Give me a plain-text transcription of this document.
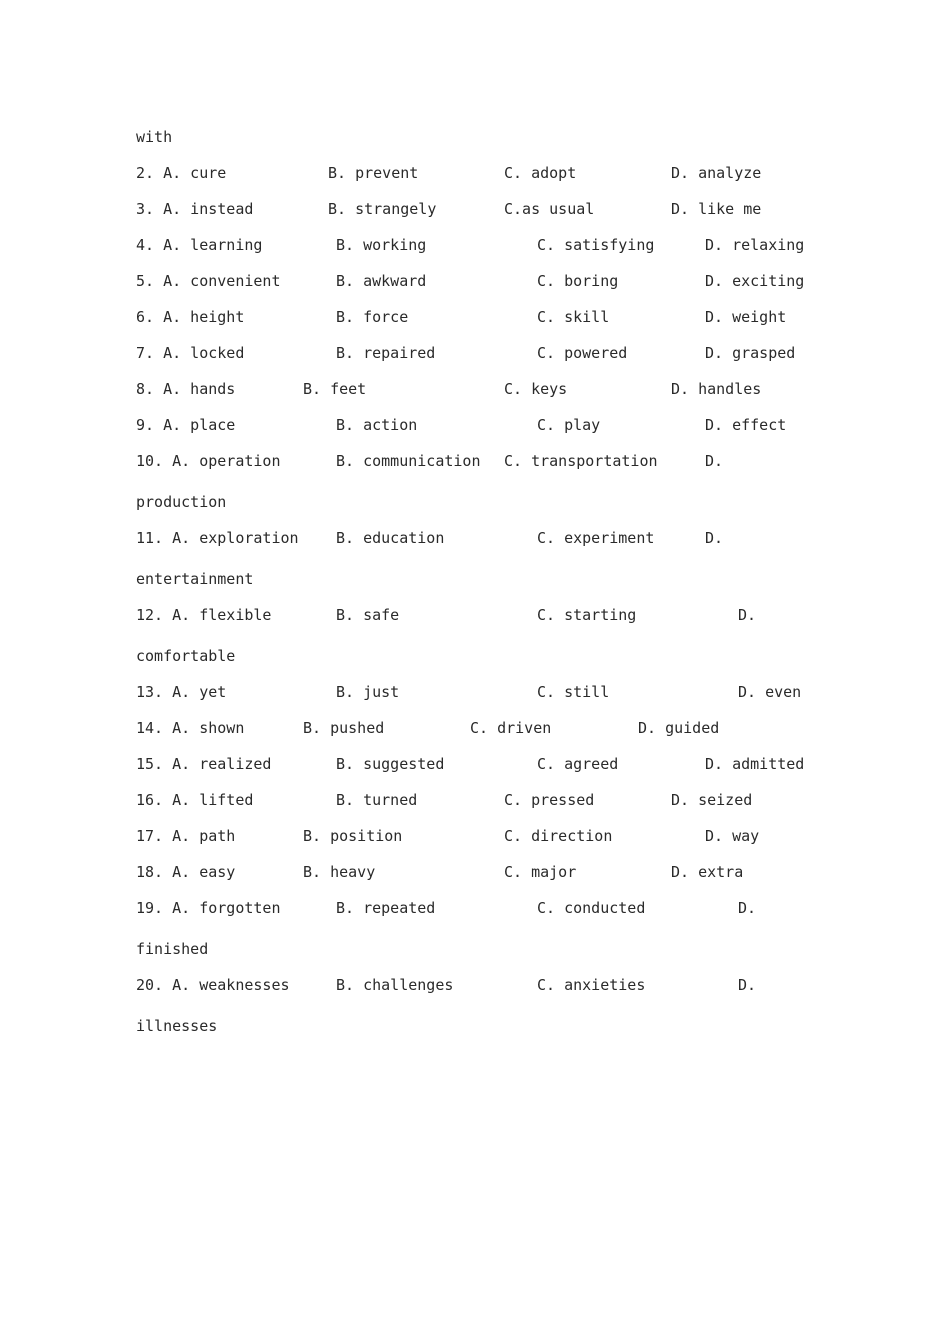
with
2. A. cure	B. prevent	C. adopt	D. analyze
3. A. instead	B. strangely	C.as usual	D. like me
4. A. learning	B. working	C. satisfying	D. relaxing
5. A. convenient	B. awkward	C. boring	D. exciting
6. A. height	B. force	C. skill	D. weight
7. A. locked	B. repaired	C. powered	D. grasped
8. A. hands	B. feet	C. keys	D. handles
9. A. place	B. action	C. play	D. effect
10. A. operation	B. communication C. transportation	D.
production
11. A. exploration B. education	C. experiment	D.
entertainment
12. A. flexible	B. safe	C. starting	D.
comfortable
13. A. yet	B. just	C. still	D. even
14. A. shown	B. pushed	C. driven	D. guided
15. A. realized	B. suggested	C. agreed	D. admitted
16. A. lifted	B. turned	C. pressed	D. seized
17. A. path	B. position	C. direction	D. way
18. A. easy	B. heavy	C. major	D. extra
19. A. forgotten	B. repeated	C. conducted	D.
finished
20. A. weaknesses	B. challenges	C. anxieties	D.
illnesses
